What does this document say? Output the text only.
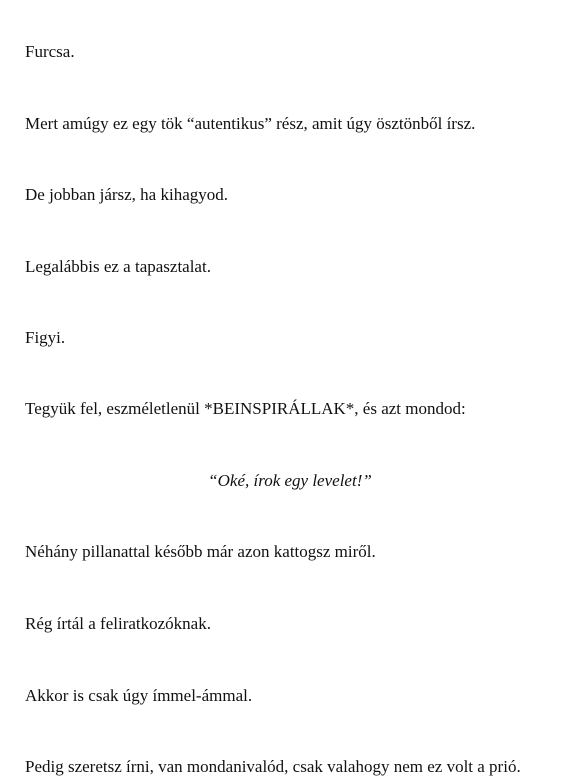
Furcsa.

Mert amúgy ez egy tök “autentikus” rész, amit úgy ösztönből írsz.

De jobban jársz, ha kihagyod.

Legalábbis ez a tapasztalat.

Figyi.

Tegyük fel, eszméletlenül *BEINSPIRÁLLAK*, és azt mondod:

“Oké, írok egy levelet!”

Néhány pillanattal később már azon kattogsz miről.

Rég írtál a feliratkozóknak.

Akkor is csak úgy ímmel-ámmal.

Pedig szeretsz írni, van mondanivalód, csak valahogy nem ez volt a prió.
